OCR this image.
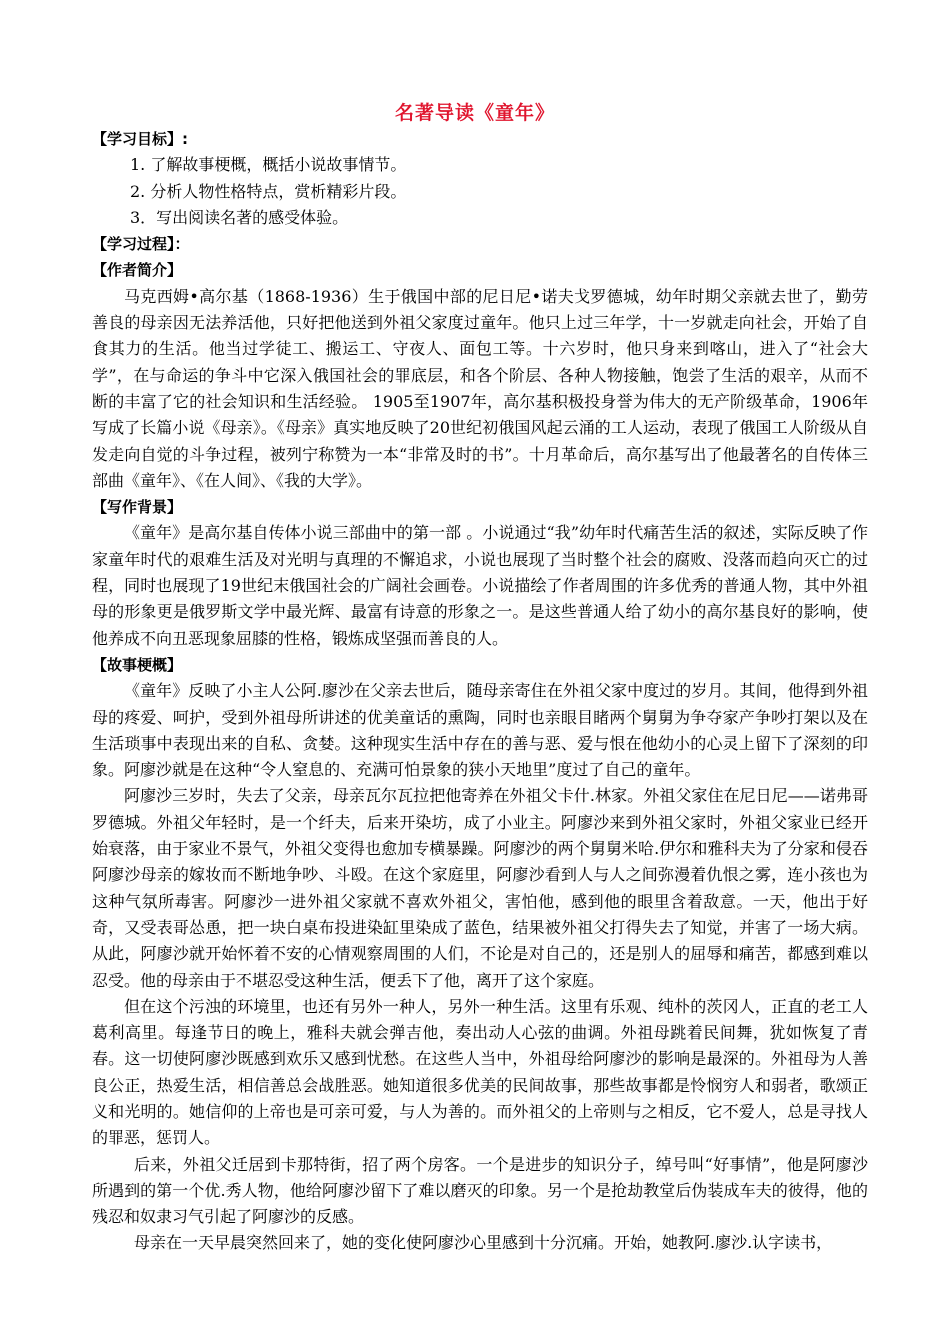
名著导读《童年》
【学习目标】:
1. 了解故事梗概，概括小说故事情节。
2. 分析人物性格特点，赏析精彩片段。
3．写出阅读名著的感受体验。
【学习过程】：
【作者简介】

马克西姆•高尔基（1868-1936）生于俄国中部的尼日尼•诺夫戈罗德城，幼年时期父亲就去世了，勤劳善良的母亲因无法养活他，只好把他送到外祖父家度过童年。他只上过三年学，十一岁就走向社会，开始了自食其力的生活。他当过学徒工、搬运工、守夜人、面包工等。十六岁时，他只身来到喀山，进入了“社会大学”，在与命运的争斗中它深入俄国社会的罪底层，和各个阶层、各种人物接触，饱尝了生活的艰辛，从而不断的丰富了它的社会知识和生活经验。 1905至1907年，高尔基积极投身誉为伟大的无产阶级革命，1906年写成了长篇小说《母亲》。《母亲》真实地反映了20世纪初俄国风起云涌的工人运动，表现了俄国工人阶级从自发走向自觉的斗争过程，被列宁称赞为一本“非常及时的书”。十月革命后，高尔基写出了他最著名的自传体三部曲《童年》、《在人间》、《我的大学》。

【写作背景】

《童年》是高尔基自传体小说三部曲中的第一部 。小说通过“我”幼年时代痛苦生活的叙述，实际反映了作家童年时代的艰难生活及对光明与真理的不懈追求，小说也展现了当时整个社会的腐败、没落而趋向灭亡的过程，同时也展现了19世纪末俄国社会的广阔社会画卷。小说描绘了作者周围的许多优秀的普通人物，其中外祖母的形象更是俄罗斯文学中最光辉、最富有诗意的形象之一。是这些普通人给了幼小的高尔基良好的影响，使他养成不向丑恶现象屈膝的性格，锻炼成坚强而善良的人。

【故事梗概】

《童年》反映了小主人公阿.廖沙在父亲去世后，随母亲寄住在外祖父家中度过的岁月。其间，他得到外祖母的疼爱、呵护，受到外祖母所讲述的优美童话的熏陶，同时也亲眼目睹两个舅舅为争夺家产争吵打架以及在生活琐事中表现出来的自私、贪婪。这种现实生活中存在的善与恶、爱与恨在他幼小的心灵上留下了深刻的印象。阿廖沙就是在这种“令人窒息的、充满可怕景象的狭小天地里”度过了自己的童年。

阿廖沙三岁时，失去了父亲，母亲瓦尔瓦拉把他寄养在外祖父卡什.林家。外祖父家住在尼日尼——诺弗哥罗德城。外祖父年轻时，是一个纤夫，后来开染坊，成了小业主。阿廖沙来到外祖父家时，外祖父家业已经开始衰落，由于家业不景气，外祖父变得也愈加专横暴躁。阿廖沙的两个舅舅米哈.伊尔和雅科夫为了分家和侵吞阿廖沙母亲的嫁妆而不断地争吵、斗殴。在这个家庭里，阿廖沙看到人与人之间弥漫着仇恨之雾，连小孩也为这种气氛所毒害。阿廖沙一进外祖父家就不喜欢外祖父，害怕他，感到他的眼里含着敌意。一天，他出于好奇，又受表哥怂恿，把一块白桌布投进染缸里染成了蓝色，结果被外祖父打得失去了知觉，并害了一场大病。从此，阿廖沙就开始怀着不安的心情观察周围的人们，不论是对自己的，还是别人的屈辱和痛苦，都感到难以忍受。他的母亲由于不堪忍受这种生活，便丢下了他，离开了这个家庭。

但在这个污浊的环境里，也还有另外一种人，另外一种生活。这里有乐观、纯朴的茨冈人，正直的老工人葛利高里。每逢节日的晚上，雅科夫就会弹吉他，奏出动人心弦的曲调。外祖母跳着民间舞，犹如恢复了青春。这一切使阿廖沙既感到欢乐又感到忧愁。在这些人当中，外祖母给阿廖沙的影响是最深的。外祖母为人善良公正，热爱生活，相信善总会战胜恶。她知道很多优美的民间故事，那些故事都是怜悯穷人和弱者，歌颂正义和光明的。她信仰的上帝也是可亲可爱，与人为善的。而外祖父的上帝则与之相反，它不爱人，总是寻找人的罪恶，惩罚人。

后来，外祖父迁居到卡那特街，招了两个房客。一个是进步的知识分子，绰号叫“好事情”，他是阿廖沙所遇到的第一个优.秀人物，他给阿廖沙留下了难以磨灭的印象。另一个是抢劫教堂后伪装成车夫的彼得，他的残忍和奴隶习气引起了阿廖沙的反感。

母亲在一天早晨突然回来了，她的变化使阿廖沙心里感到十分沉痛。开始，她教阿.廖沙.认字读书，
